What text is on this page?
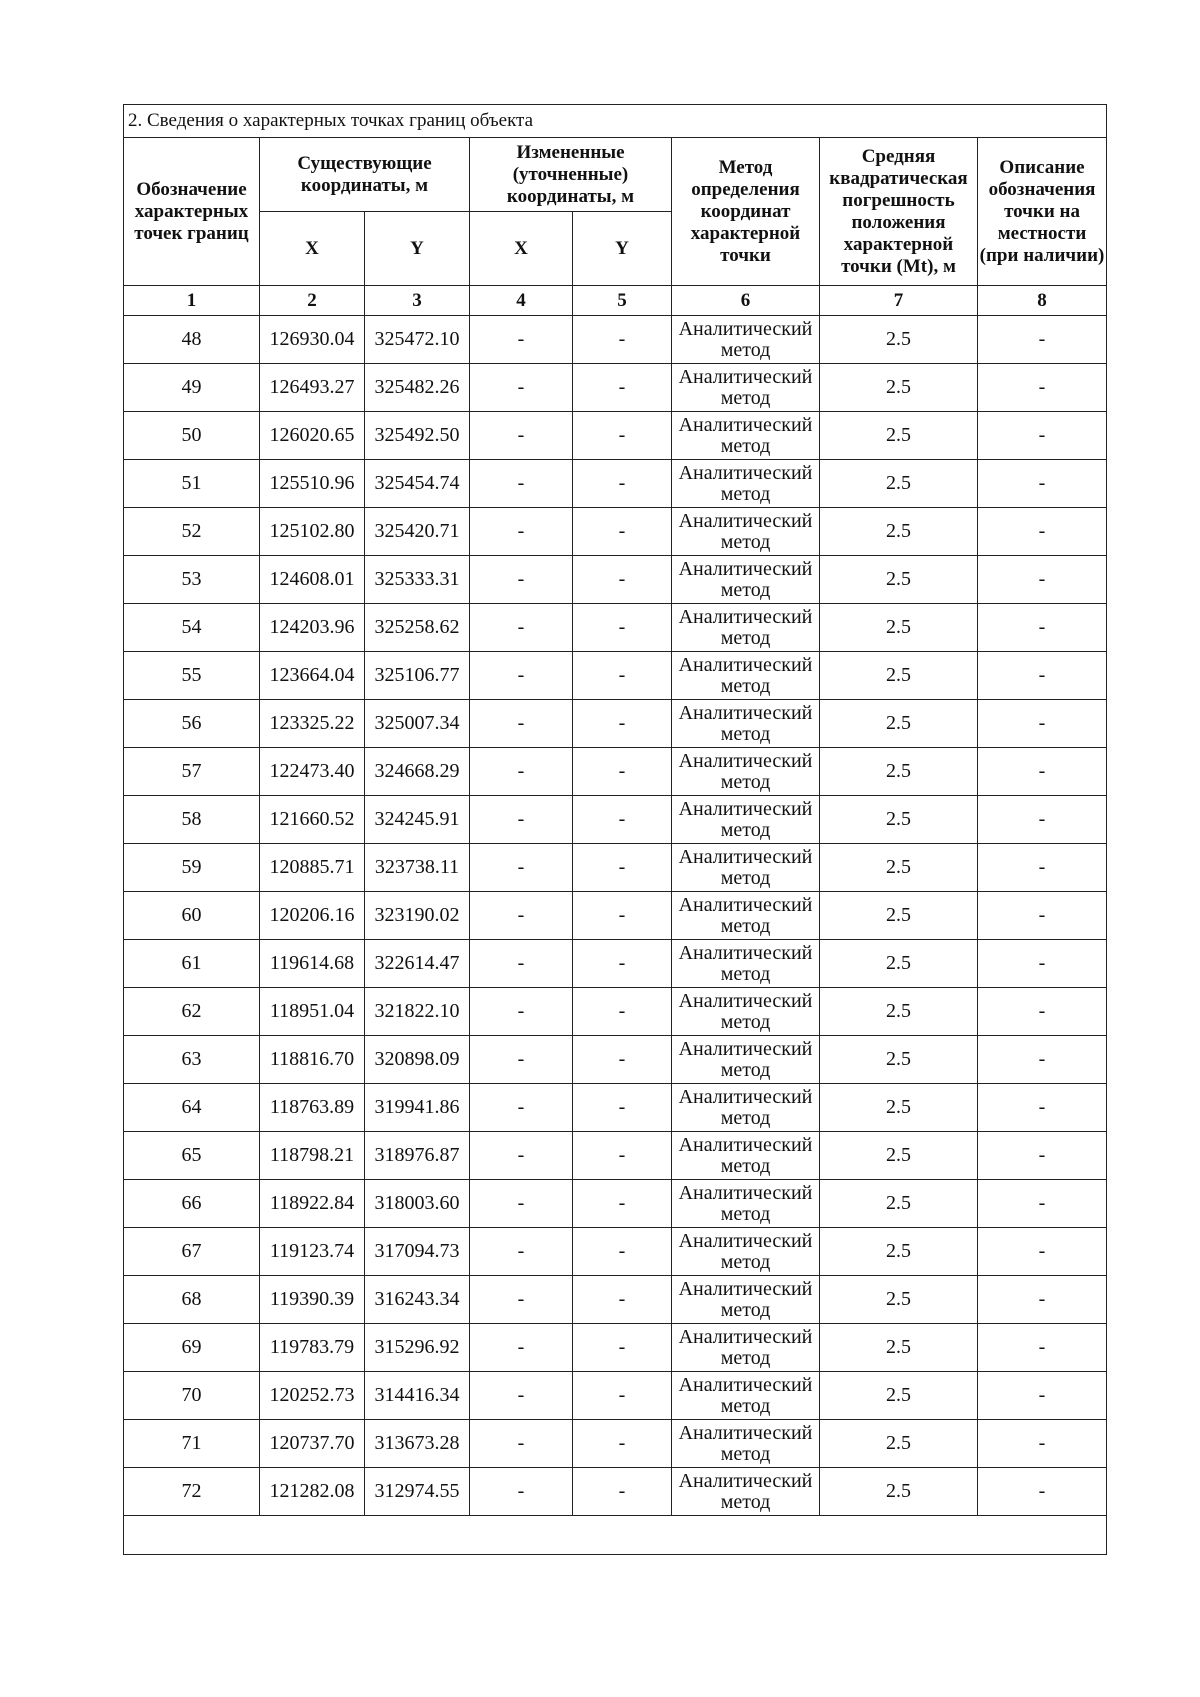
2. Сведения о характерных точках границ объекта							
Обозначение характерных точек границ	Существующие координаты, м		Измененные (уточненные) координаты, м		Метод определения координат характерной точки	Средняя квадратическая погрешность положения характерной точки (Mt), м	Описание обозначения точки на местности (при наличии)
	X	Y	X	Y			
1	2	3	4	5	6	7	8
48	126930.04	325472.10	-	-	Аналитический метод	2.5	-
49	126493.27	325482.26	-	-	Аналитический метод	2.5	-
50	126020.65	325492.50	-	-	Аналитический метод	2.5	-
51	125510.96	325454.74	-	-	Аналитический метод	2.5	-
52	125102.80	325420.71	-	-	Аналитический метод	2.5	-
53	124608.01	325333.31	-	-	Аналитический метод	2.5	-
54	124203.96	325258.62	-	-	Аналитический метод	2.5	-
55	123664.04	325106.77	-	-	Аналитический метод	2.5	-
56	123325.22	325007.34	-	-	Аналитический метод	2.5	-
57	122473.40	324668.29	-	-	Аналитический метод	2.5	-
58	121660.52	324245.91	-	-	Аналитический метод	2.5	-
59	120885.71	323738.11	-	-	Аналитический метод	2.5	-
60	120206.16	323190.02	-	-	Аналитический метод	2.5	-
61	119614.68	322614.47	-	-	Аналитический метод	2.5	-
62	118951.04	321822.10	-	-	Аналитический метод	2.5	-
63	118816.70	320898.09	-	-	Аналитический метод	2.5	-
64	118763.89	319941.86	-	-	Аналитический метод	2.5	-
65	118798.21	318976.87	-	-	Аналитический метод	2.5	-
66	118922.84	318003.60	-	-	Аналитический метод	2.5	-
67	119123.74	317094.73	-	-	Аналитический метод	2.5	-
68	119390.39	316243.34	-	-	Аналитический метод	2.5	-
69	119783.79	315296.92	-	-	Аналитический метод	2.5	-
70	120252.73	314416.34	-	-	Аналитический метод	2.5	-
71	120737.70	313673.28	-	-	Аналитический метод	2.5	-
72	121282.08	312974.55	-	-	Аналитический метод	2.5	-
